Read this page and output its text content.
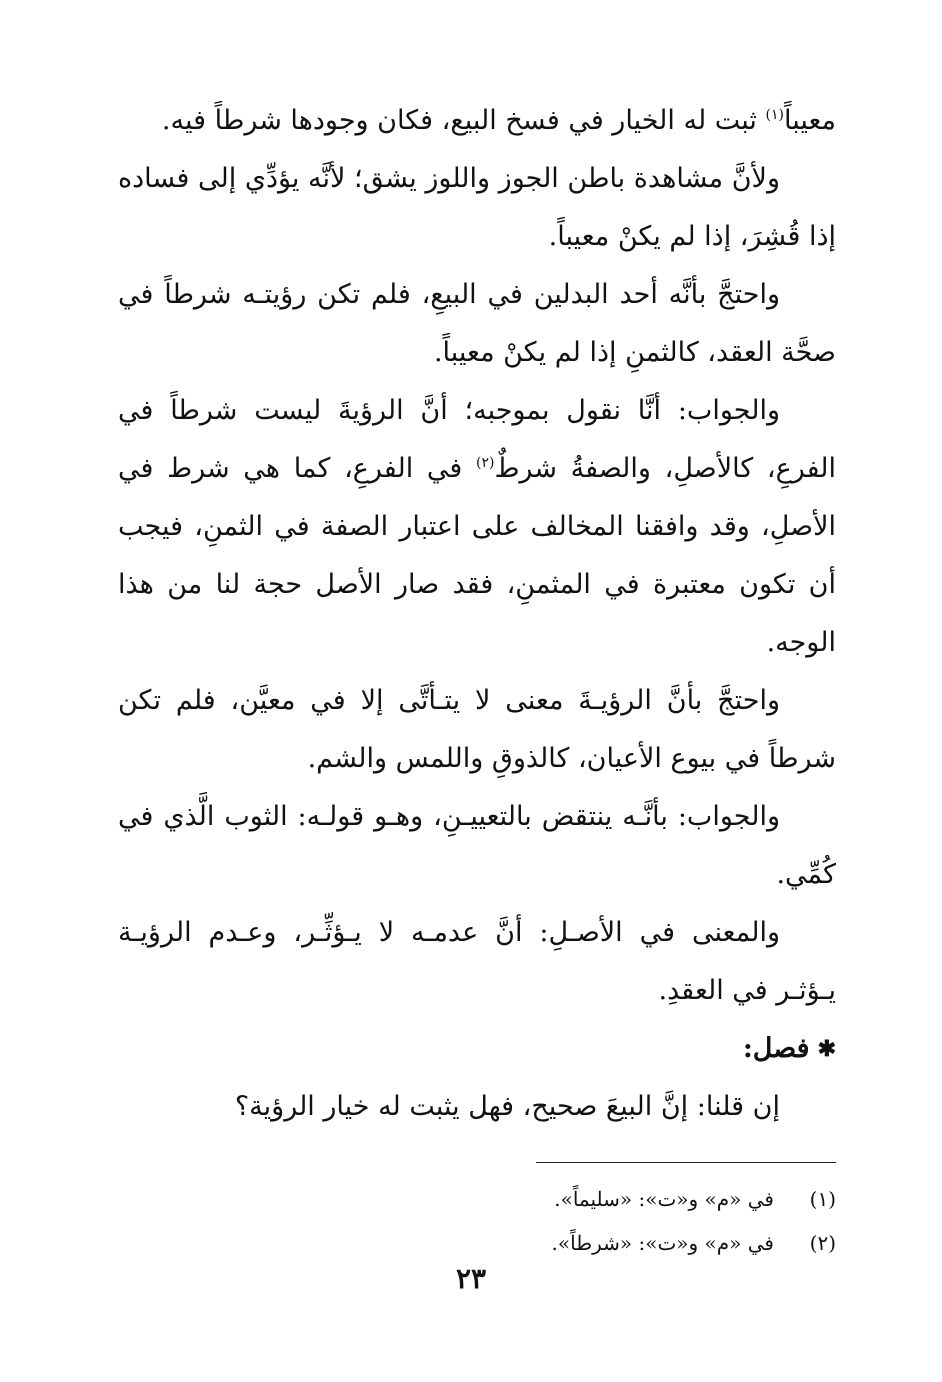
معيباً$^{(١)}$ ثبت له الخيار في فسخ البيع، فكان وجودها شرطاً فيه.

ولأنَّ مشاهدة باطن الجوز واللوز يشق؛ لأنَّه يؤدِّي إلى فساده إذا قُشِرَ، إذا لم يكنْ معيباً.

واحتجَّ بأنَّه أحد البدلين في البيعِ، فلم تكن رؤيتـه شرطاً في صحَّة العقد، كالثمنِ إذا لم يكنْ معيباً.

والجواب: أنَّا نقول بموجبه؛ أنَّ الرؤيةَ ليست شرطاً في الفرعِ، كالأصلِ، والصفةُ شرطٌ$^{(٢)}$ في الفرعِ، كما هي شرط في الأصلِ، وقد وافقنا المخالف على اعتبار الصفة في الثمنِ، فيجب أن تكون معتبرة في المثمنِ، فقد صار الأصل حجة لنا من هذا الوجه.

واحتجَّ بأنَّ الرؤيـةَ معنى لا يتـأتَّى إلا في معيَّن، فلم تكن شرطاً في بيوع الأعيان، كالذوقِ واللمس والشم.

والجواب: بأنَّـه ينتقض بالتعييـنِ، وهـو قولـه: الثوب الَّذي في كُمِّي.

والمعنى في الأصـلِ: أنَّ عدمـه لا يـؤثِّـر، وعـدم الرؤيـة يـؤثـر في العقدِ.

✱
فصل:

إن قلنا: إنَّ البيعَ صحيح، فهل يثبت له خيار الرؤية؟

(١)
في «م» و«ت»: «سليماً».

(٢)
في «م» و«ت»: «شرطاً».

٢٣
